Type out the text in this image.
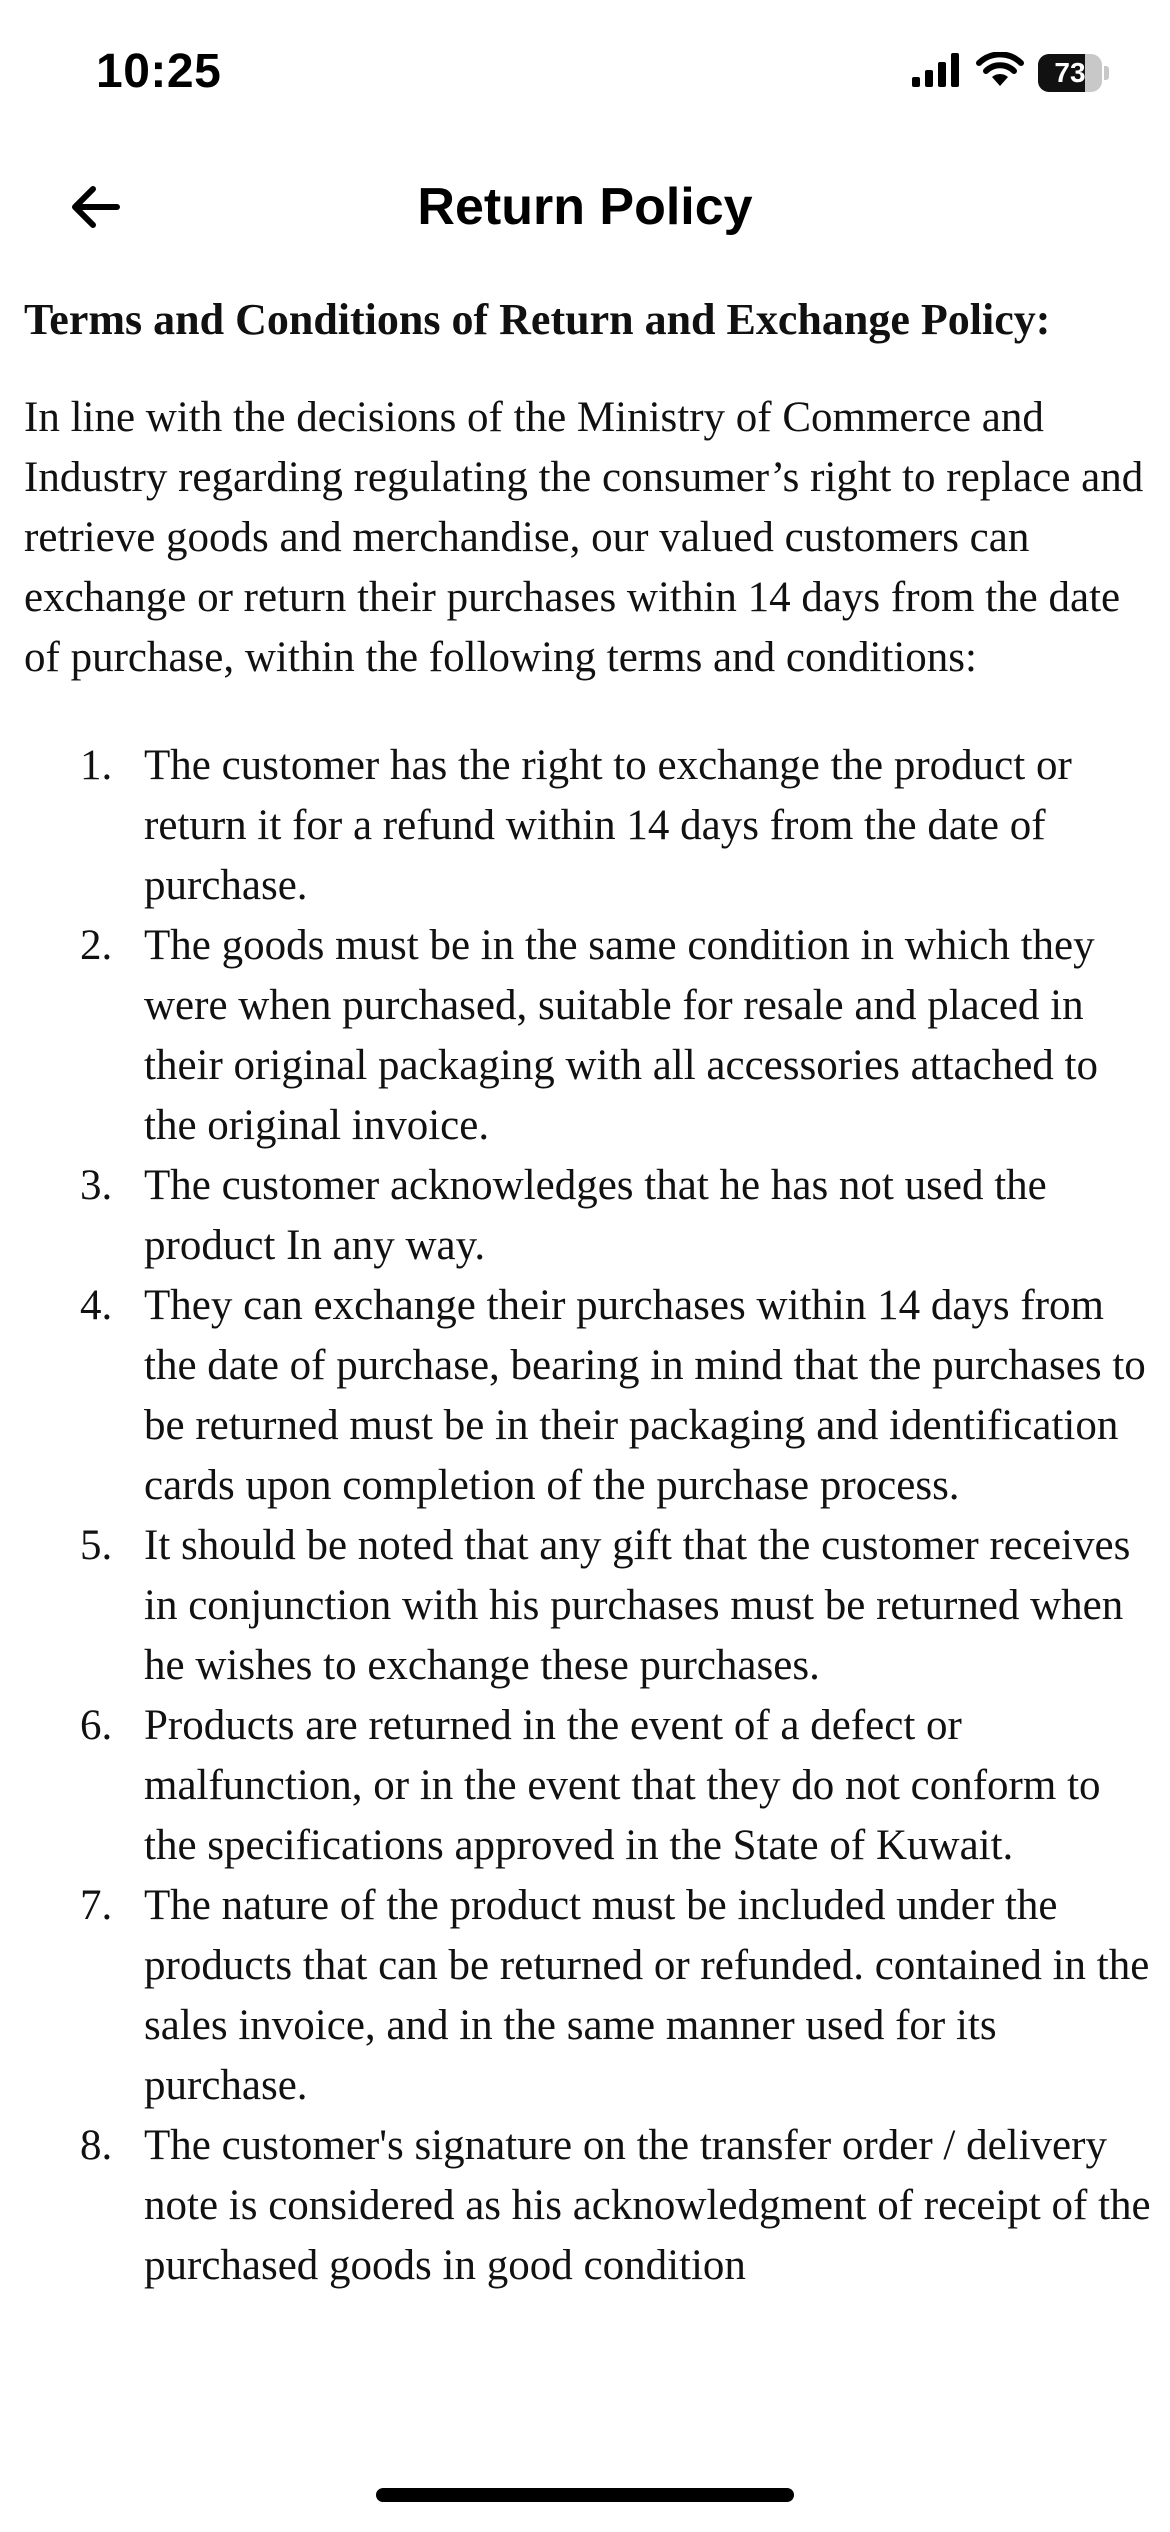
10:25	73
Return Policy
Terms and Conditions of Return and Exchange Policy:
In line with the decisions of the Ministry of Commerce and Industry regarding regulating the consumer’s right to replace and retrieve goods and merchandise, our valued customers can exchange or return their purchases within 14 days from the date of purchase, within the following terms and conditions:
1. The customer has the right to exchange the product or return it for a refund within 14 days from the date of purchase.
2. The goods must be in the same condition in which they were when purchased, suitable for resale and placed in their original packaging with all accessories attached to the original invoice.
3. The customer acknowledges that he has not used the product In any way.
4. They can exchange their purchases within 14 days from the date of purchase, bearing in mind that the purchases to be returned must be in their packaging and identification cards upon completion of the purchase process.
5. It should be noted that any gift that the customer receives in conjunction with his purchases must be returned when he wishes to exchange these purchases.
6. Products are returned in the event of a defect or malfunction, or in the event that they do not conform to the specifications approved in the State of Kuwait.
7. The nature of the product must be included under the products that can be returned or refunded. contained in the sales invoice, and in the same manner used for its purchase.
8. The customer's signature on the transfer order / delivery note is considered as his acknowledgment of receipt of the purchased goods in good condition
